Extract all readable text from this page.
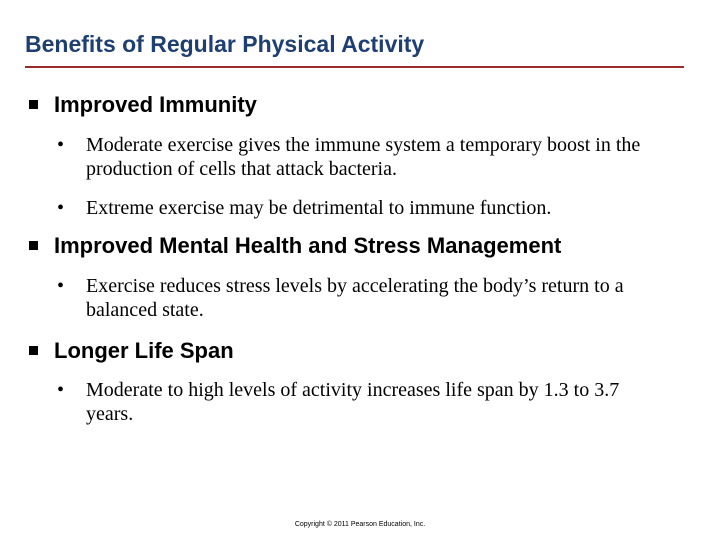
Benefits of Regular Physical Activity
Improved Immunity
•	Moderate exercise gives the immune system a temporary boost in the production of cells that attack bacteria.
•	Extreme exercise may be detrimental to immune function.
Improved Mental Health and Stress Management
•	Exercise reduces stress levels by accelerating the body’s return to a balanced state.
Longer Life Span
•	Moderate to high levels of activity increases life span by 1.3 to 3.7 years.
Copyright © 2011 Pearson Education, Inc.
